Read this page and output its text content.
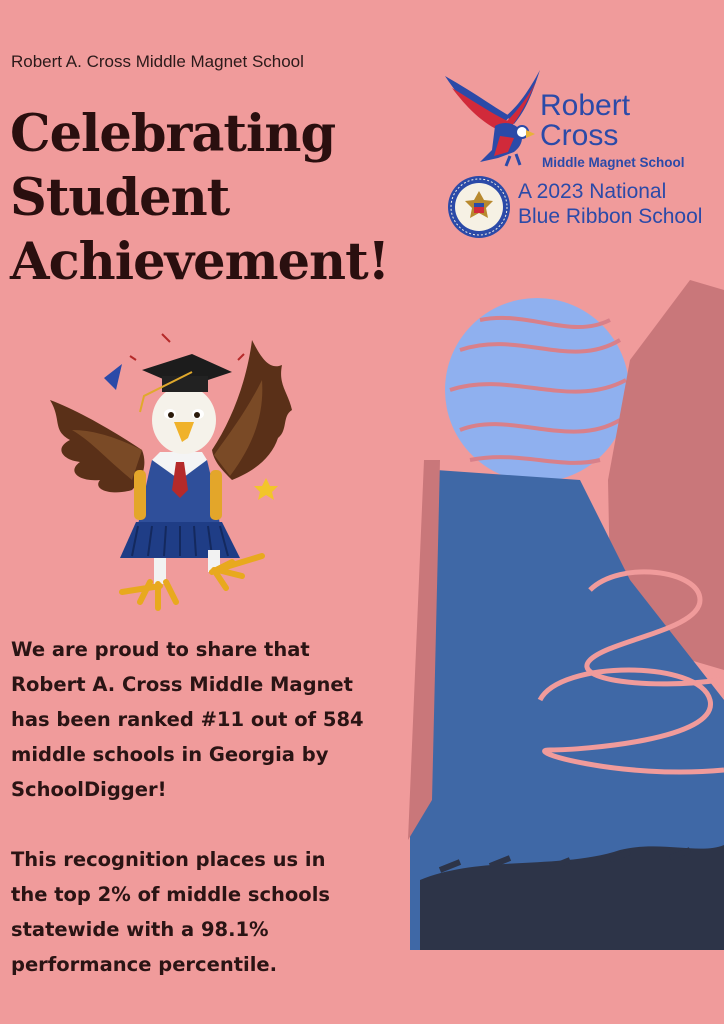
Robert A. Cross Middle Magnet School
Celebrating
Student
Achievement!
Robert
Cross
Middle Magnet School
A 2023 National
Blue Ribbon School

We are proud to share that
Robert A. Cross Middle Magnet
has been ranked #11 out of 584
middle schools in Georgia by
SchoolDigger!

This recognition places us in
the top 2% of middle schools
statewide with a 98.1%
performance percentile.
